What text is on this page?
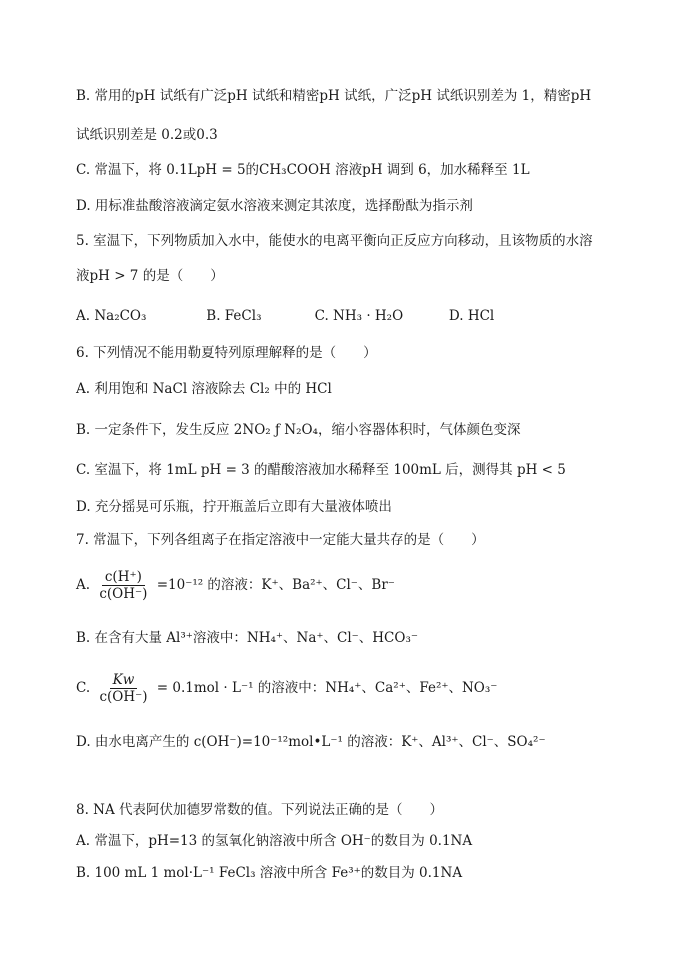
B. 常用的pH 试纸有广泛pH 试纸和精密pH 试纸，广泛pH 试纸识别差为 1，精密pH
试纸识别差是 0.2或0.3
C. 常温下，将 0.1LpH = 5的CH₃COOH 溶液pH 调到 6，加水稀释至 1L
D. 用标准盐酸溶液滴定氨水溶液来测定其浓度，选择酚酞为指示剂
5. 室温下，下列物质加入水中，能使水的电离平衡向正反应方向移动，且该物质的水溶
液pH > 7 的是（　　）
A. Na₂CO₃	B. FeCl₃	C. NH₃ · H₂O	D. HCl
6. 下列情况不能用勒夏特列原理解释的是（　　）
A. 利用饱和 NaCl 溶液除去 Cl₂ 中的 HCl
B. 一定条件下，发生反应 2NO₂ ƒ N₂O₄，缩小容器体积时，气体颜色变深
C. 室温下，将 1mL pH = 3 的醋酸溶液加水稀释至 100mL 后，测得其 pH < 5
D. 充分摇晃可乐瓶，拧开瓶盖后立即有大量液体喷出
7. 常温下，下列各组离子在指定溶液中一定能大量共存的是（　　）
A. $\frac{c(H^+)}{c(OH^-)} =10^{-12}$ 的溶液：K⁺、Ba²⁺、Cl⁻、Br⁻
B. 在含有大量 Al³⁺溶液中：NH₄⁺、Na⁺、Cl⁻、HCO₃⁻
C. $\frac{Kw}{c(OH^-)} = 0.1mol \cdot L^{-1}$ 的溶液中：NH₄⁺、Ca²⁺、Fe²⁺、NO₃⁻
D. 由水电离产生的 c(OH⁻)=10⁻¹²mol•L⁻¹ 的溶液：K⁺、Al³⁺、Cl⁻、SO₄²⁻
8. NA 代表阿伏加德罗常数的值。下列说法正确的是（　　）
A. 常温下，pH=13 的氢氧化钠溶液中所含 OH⁻的数目为 0.1NA
B. 100 mL 1 mol·L⁻¹ FeCl₃ 溶液中所含 Fe³⁺的数目为 0.1NA
